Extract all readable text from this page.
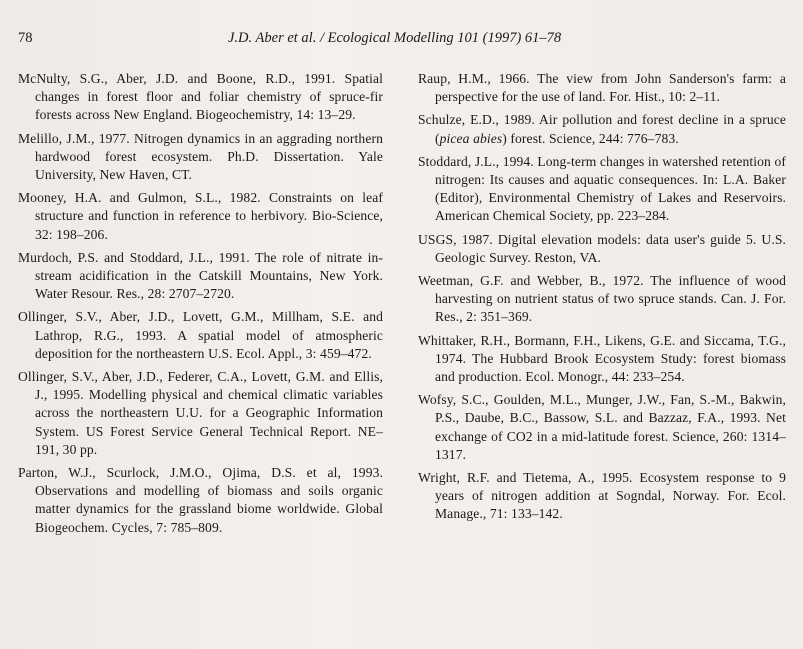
78	J.D. Aber et al. / Ecological Modelling 101 (1997) 61–78

McNulty, S.G., Aber, J.D. and Boone, R.D., 1991. Spatial changes in forest floor and foliar chemistry of spruce-fir forests across New England. Biogeochemistry, 14: 13–29.

Melillo, J.M., 1977. Nitrogen dynamics in an aggrading northern hardwood forest ecosystem. Ph.D. Dissertation. Yale University, New Haven, CT.

Mooney, H.A. and Gulmon, S.L., 1982. Constraints on leaf structure and function in reference to herbivory. Bio-Science, 32: 198–206.

Murdoch, P.S. and Stoddard, J.L., 1991. The role of nitrate in-stream acidification in the Catskill Mountains, New York. Water Resour. Res., 28: 2707–2720.

Ollinger, S.V., Aber, J.D., Lovett, G.M., Millham, S.E. and Lathrop, R.G., 1993. A spatial model of atmospheric deposition for the northeastern U.S. Ecol. Appl., 3: 459–472.

Ollinger, S.V., Aber, J.D., Federer, C.A., Lovett, G.M. and Ellis, J., 1995. Modelling physical and chemical climatic variables across the northeastern U.U. for a Geographic Information System. US Forest Service General Technical Report. NE–191, 30 pp.

Parton, W.J., Scurlock, J.M.O., Ojima, D.S. et al, 1993. Observations and modelling of biomass and soils organic matter dynamics for the grassland biome worldwide. Global Biogeochem. Cycles, 7: 785–809.

Raup, H.M., 1966. The view from John Sanderson's farm: a perspective for the use of land. For. Hist., 10: 2–11.

Schulze, E.D., 1989. Air pollution and forest decline in a spruce (picea abies) forest. Science, 244: 776–783.

Stoddard, J.L., 1994. Long-term changes in watershed retention of nitrogen: Its causes and aquatic consequences. In: L.A. Baker (Editor), Environmental Chemistry of Lakes and Reservoirs. American Chemical Society, pp. 223–284.

USGS, 1987. Digital elevation models: data user's guide 5. U.S. Geologic Survey. Reston, VA.

Weetman, G.F. and Webber, B., 1972. The influence of wood harvesting on nutrient status of two spruce stands. Can. J. For. Res., 2: 351–369.

Whittaker, R.H., Bormann, F.H., Likens, G.E. and Siccama, T.G., 1974. The Hubbard Brook Ecosystem Study: forest biomass and production. Ecol. Monogr., 44: 233–254.

Wofsy, S.C., Goulden, M.L., Munger, J.W., Fan, S.-M., Bakwin, P.S., Daube, B.C., Bassow, S.L. and Bazzaz, F.A., 1993. Net exchange of CO2 in a mid-latitude forest. Science, 260: 1314–1317.

Wright, R.F. and Tietema, A., 1995. Ecosystem response to 9 years of nitrogen addition at Sogndal, Norway. For. Ecol. Manage., 71: 133–142.
